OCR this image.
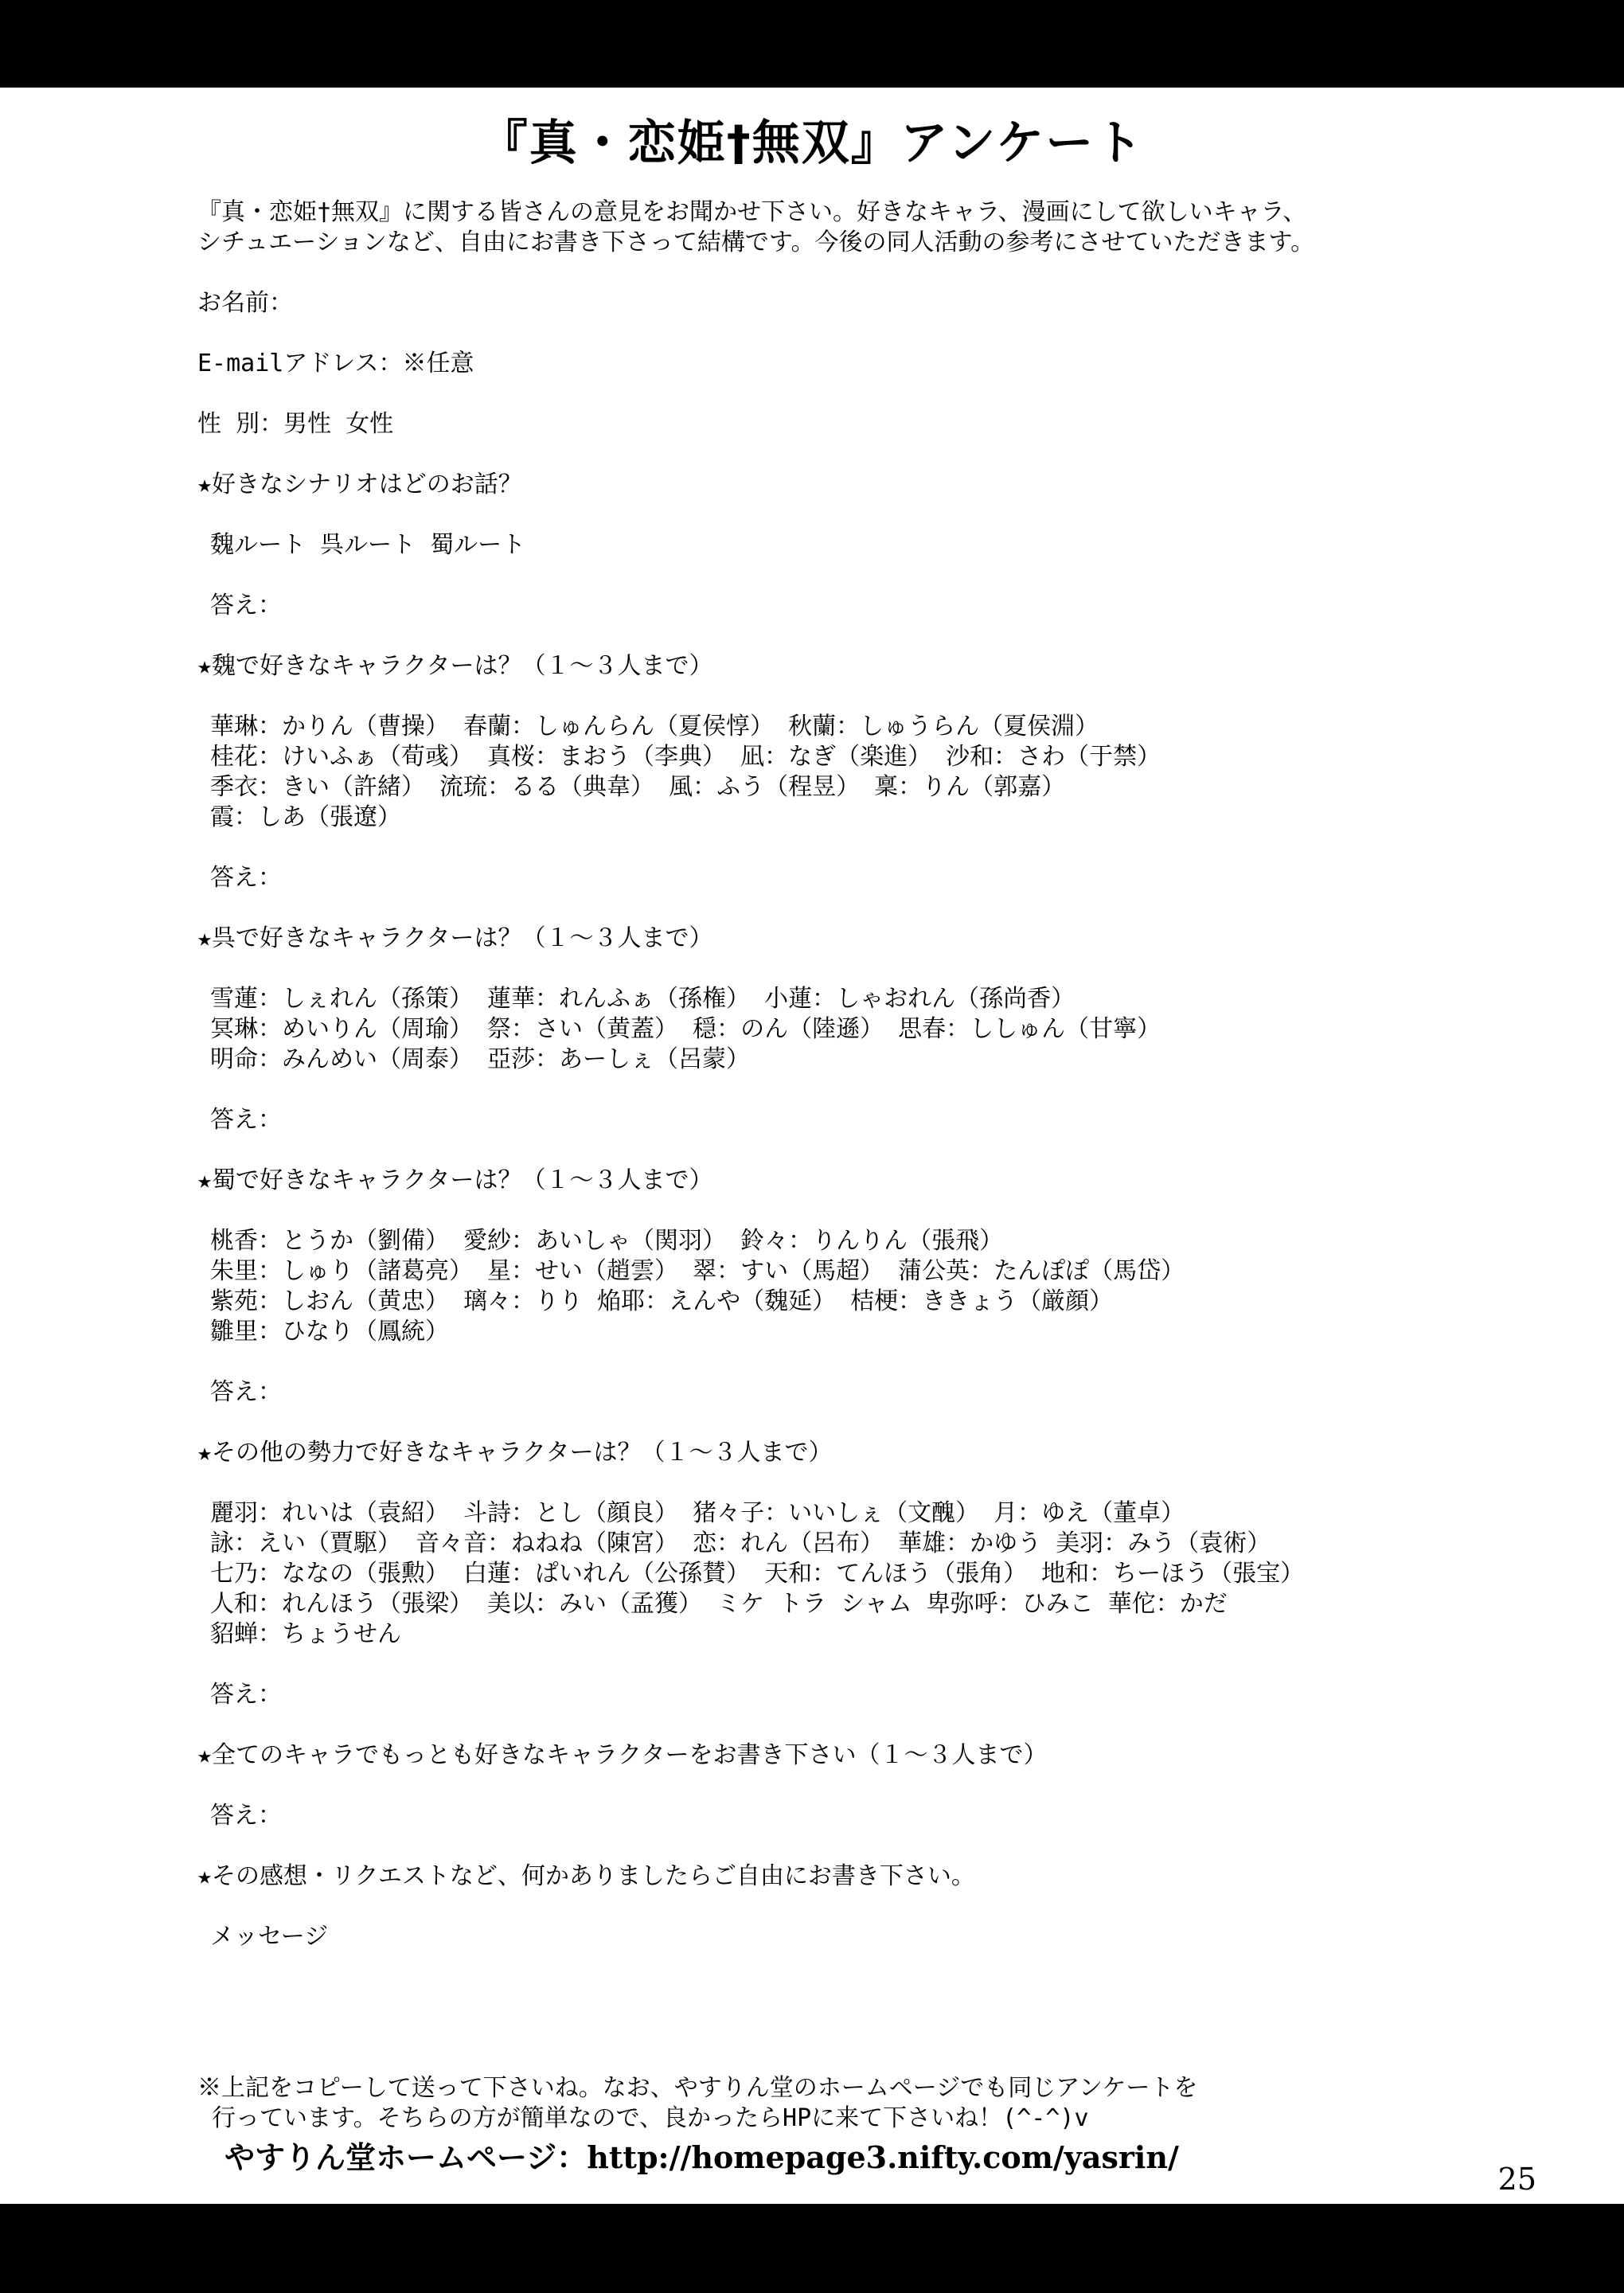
『真・恋姫†無双』アンケート
『真・恋姫†無双』に関する皆さんの意見をお聞かせ下さい。好きなキャラ、漫画にして欲しいキャラ、
シチュエーションなど、自由にお書き下さって結構です。今後の同人活動の参考にさせていただきます。
お名前：
E-mailアドレス：※任意
性 別：男性 女性
★好きなシナリオはどのお話？
魏ルート 呉ルート 蜀ルート
答え：
★魏で好きなキャラクターは？（１～３人まで）
華琳：かりん（曹操） 春蘭：しゅんらん（夏侯惇） 秋蘭：しゅうらん（夏侯淵）
桂花：けいふぁ（荀彧） 真桜：まおう（李典） 凪：なぎ（楽進） 沙和：さわ（于禁）
季衣：きい（許緒） 流琉：るる（典韋） 風：ふう（程昱） 稟：りん（郭嘉）
霞：しあ（張遼）
答え：
★呉で好きなキャラクターは？（１～３人まで）
雪蓮：しぇれん（孫策） 蓮華：れんふぁ（孫権） 小蓮：しゃおれん（孫尚香）
冥琳：めいりん（周瑜） 祭：さい（黄蓋） 穏：のん（陸遜） 思春：ししゅん（甘寧）
明命：みんめい（周泰） 亞莎：あーしぇ（呂蒙）
答え：
★蜀で好きなキャラクターは？（１～３人まで）
桃香：とうか（劉備） 愛紗：あいしゃ（関羽） 鈴々：りんりん（張飛）
朱里：しゅり（諸葛亮） 星：せい（趙雲） 翠：すい（馬超） 蒲公英：たんぽぽ（馬岱）
紫苑：しおん（黄忠） 璃々：りり 焔耶：えんや（魏延） 桔梗：ききょう（厳顔）
雛里：ひなり（鳳統）
答え：
★その他の勢力で好きなキャラクターは？（１～３人まで）
麗羽：れいは（袁紹） 斗詩：とし（顔良） 猪々子：いいしぇ（文醜） 月：ゆえ（董卓）
詠：えい（賈駆） 音々音：ねねね（陳宮） 恋：れん（呂布） 華雄：かゆう 美羽：みう（袁術）
七乃：ななの（張勲） 白蓮：ぱいれん（公孫賛） 天和：てんほう（張角） 地和：ちーほう（張宝）
人和：れんほう（張梁） 美以：みい（孟獲） ミケ トラ シャム 卑弥呼：ひみこ 華佗：かだ
貂蝉：ちょうせん
答え：
★全てのキャラでもっとも好きなキャラクターをお書き下さい（１～３人まで）
答え：
★その感想・リクエストなど、何かありましたらご自由にお書き下さい。
メッセージ
※上記をコピーして送って下さいね。なお、やすりん堂のホームページでも同じアンケートを
行っています。そちらの方が簡単なので、良かったらHPに来て下さいね！(^-^)v
やすりん堂ホームページ：http://homepage3.nifty.com/yasrin/
25
